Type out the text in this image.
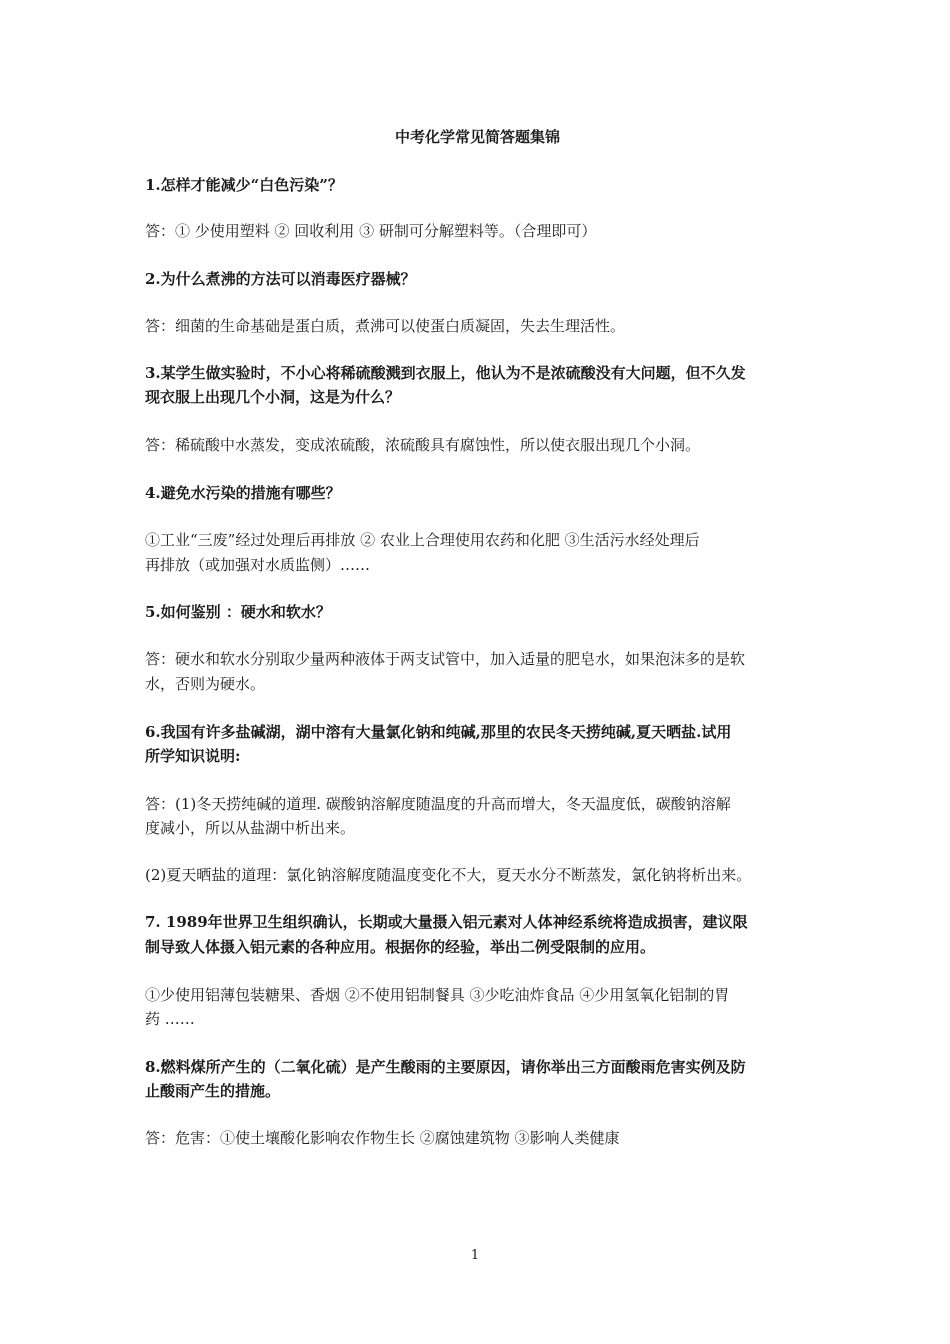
中考化学常见简答题集锦
1.怎样才能减少“白色污染”？
答：① 少使用塑料 ② 回收利用 ③ 研制可分解塑料等。（合理即可）
2.为什么煮沸的方法可以消毒医疗器械？
答：细菌的生命基础是蛋白质，煮沸可以使蛋白质凝固，失去生理活性。
3.某学生做实验时，不小心将稀硫酸溅到衣服上，他认为不是浓硫酸没有大问题，但不久发
现衣服上出现几个小洞，这是为什么？
答：稀硫酸中水蒸发，变成浓硫酸，浓硫酸具有腐蚀性，所以使衣服出现几个小洞。
4.避免水污染的措施有哪些？
①工业“三废”经过处理后再排放 ② 农业上合理使用农药和化肥 ③生活污水经处理后
再排放（或加强对水质监侧）……
5.如何鉴别 ：硬水和软水？
答：硬水和软水分别取少量两种液体于两支试管中，加入适量的肥皂水，如果泡沫多的是软
水，否则为硬水。
6.我国有许多盐碱湖，湖中溶有大量氯化钠和纯碱,那里的农民冬天捞纯碱,夏天晒盐.试用
所学知识说明:
答：(1)冬天捞纯碱的道理. 碳酸钠溶解度随温度的升高而增大，冬天温度低，碳酸钠溶解
度减小，所以从盐湖中析出来。
(2)夏天晒盐的道理：氯化钠溶解度随温度变化不大，夏天水分不断蒸发，氯化钠将析出来。
7. 1989年世界卫生组织确认，长期或大量摄入铝元素对人体神经系统将造成损害，建议限
制导致人体摄入铝元素的各种应用。根据你的经验，举出二例受限制的应用。
①少使用铝薄包装糖果、香烟 ②不使用铝制餐具 ③少吃油炸食品 ④少用氢氧化铝制的胃
药 ……
8.燃料煤所产生的（二氧化硫）是产生酸雨的主要原因，请你举出三方面酸雨危害实例及防
止酸雨产生的措施。
答：危害：①使土壤酸化影响农作物生长 ②腐蚀建筑物 ③影响人类健康
1
